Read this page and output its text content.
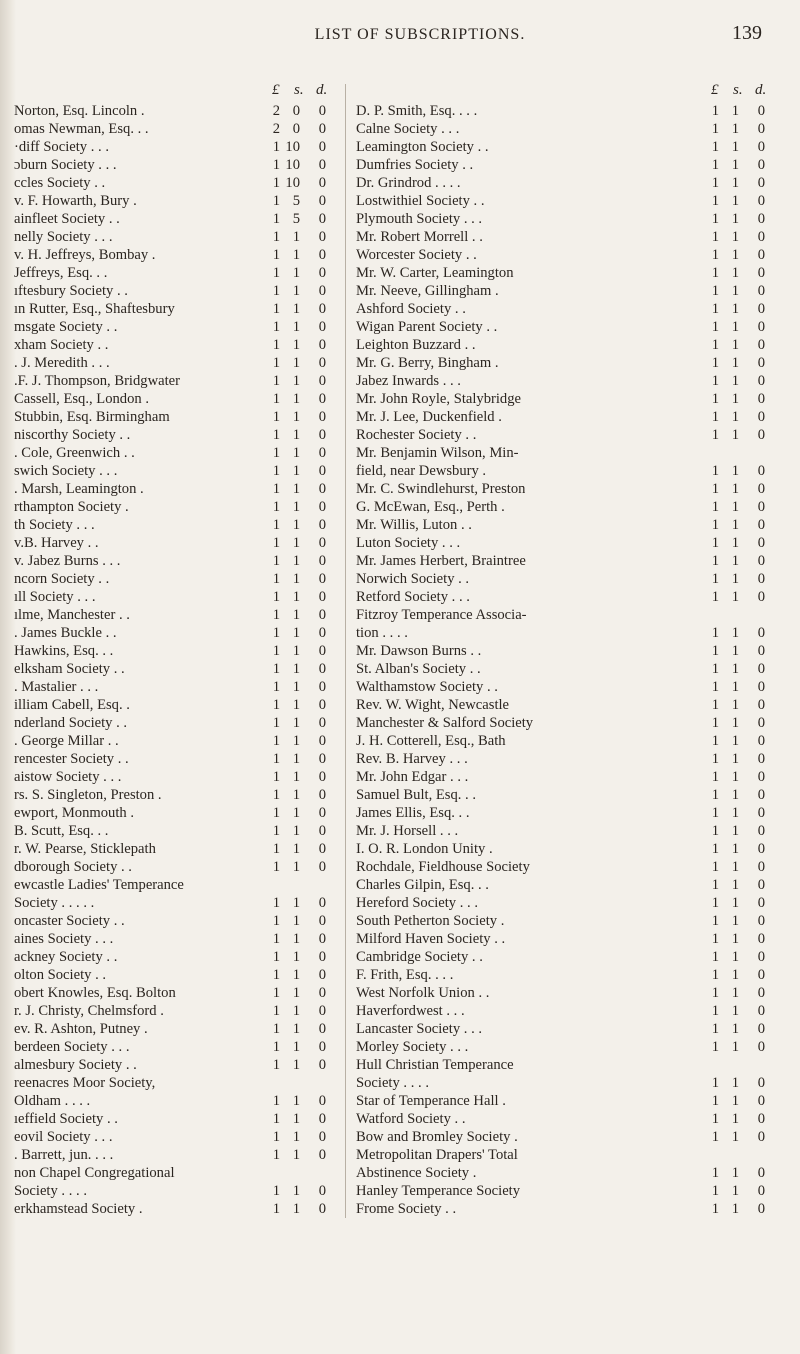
LIST OF SUBSCRIPTIONS.	139
£ s. d.
Norton, Esq. Lincoln .	2 0	0
omas Newman, Esq. . .	2 0	0
·diff Society . . .	1 10	0
ɔburn Society . . .	1 10	0
ccles Society . .	1 10	0
v. F. Howarth, Bury .	1 5	0
ainfleet Society . .	1 5	0
nelly Society . . .	1 1	0
v. H. Jeffreys, Bombay .	1 1	0
Jeffreys, Esq. . .	1 1	0
ıftesbury Society . .	1 1	0
ın Rutter, Esq., Shaftesbury	1 1	0
msgate Society . .	1 1	0
xham Society . .	1 1	0
. J. Meredith . . .	1 1	0
.F. J. Thompson, Bridgwater	1 1	0
Cassell, Esq., London .	1 1	0
Stubbin, Esq. Birmingham	1 1	0
niscorthy Society . .	1 1	0
. Cole, Greenwich . .	1 1	0
swich Society . . .	1 1	0
. Marsh, Leamington .	1 1	0
rthampton Society .	1 1	0
th Society . . .	1 1	0
v.B. Harvey . .	1 1	0
v. Jabez Burns . . .	1 1	0
ncorn Society . .	1 1	0
ıll Society . . .	1 1	0
ılme, Manchester . .	1 1	0
. James Buckle . .	1 1	0
Hawkins, Esq. . .	1 1	0
elksham Society . .	1 1	0
. Mastalier . . .	1 1	0
illiam Cabell, Esq. .	1 1	0
nderland Society . .	1 1	0
. George Millar . .	1 1	0
rencester Society . .	1 1	0
aistow Society . . .	1 1	0
rs. S. Singleton, Preston .	1 1	0
ewport, Monmouth .	1 1	0
B. Scutt, Esq. . .	1 1	0
r. W. Pearse, Sticklepath	1 1	0
dborough Society . .	1 1	0
ewcastle Ladies' Temperance
Society . . . . .	1 1	0
oncaster Society . .	1 1	0
aines Society . . .	1 1	0
ackney Society . .	1 1	0
olton Society . .	1 1	0
obert Knowles, Esq. Bolton	1 1	0
r. J. Christy, Chelmsford .	1 1	0
ev. R. Ashton, Putney .	1 1	0
berdeen Society . . .	1 1	0
almesbury Society . .	1 1	0
reenacres Moor Society,
Oldham . . . .	1 1	0
ıeffield Society . .	1 1	0
eovil Society . . .	1 1	0
. Barrett, jun. . . .	1 1	0
non Chapel Congregational
Society . . . .	1 1	0
erkhamstead Society .	1 1	0
£ s. d.
D. P. Smith, Esq. . . .	1 1	0
Calne Society . . .	1 1	0
Leamington Society . .	1 1	0
Dumfries Society . .	1 1	0
Dr. Grindrod . . . .	1 1	0
Lostwithiel Society . .	1 1	0
Plymouth Society . . .	1 1	0
Mr. Robert Morrell . .	1 1	0
Worcester Society . .	1 1	0
Mr. W. Carter, Leamington	1 1	0
Mr. Neeve, Gillingham .	1 1	0
Ashford Society . .	1 1	0
Wigan Parent Society . .	1 1	0
Leighton Buzzard . .	1 1	0
Mr. G. Berry, Bingham .	1 1	0
Jabez Inwards . . .	1 1	0
Mr. John Royle, Stalybridge	1 1	0
Mr. J. Lee, Duckenfield .	1 1	0
Rochester Society . .	1 1	0
Mr. Benjamin Wilson, Min-
field, near Dewsbury .	1 1	0
Mr. C. Swindlehurst, Preston	1 1	0
G. McEwan, Esq., Perth .	1 1	0
Mr. Willis, Luton . .	1 1	0
Luton Society . . .	1 1	0
Mr. James Herbert, Braintree	1 1	0
Norwich Society . .	1 1	0
Retford Society . . .	1 1	0
Fitzroy Temperance Associa-
tion . . . .	1 1	0
Mr. Dawson Burns . .	1 1	0
St. Alban's Society . .	1 1	0
Walthamstow Society . .	1 1	0
Rev. W. Wight, Newcastle	1 1	0
Manchester & Salford Society	1 1	0
J. H. Cotterell, Esq., Bath	1 1	0
Rev. B. Harvey . . .	1 1	0
Mr. John Edgar . . .	1 1	0
Samuel Bult, Esq. . .	1 1	0
James Ellis, Esq. . .	1 1	0
Mr. J. Horsell . . .	1 1	0
I. O. R. London Unity .	1 1	0
Rochdale, Fieldhouse Society	1 1	0
Charles Gilpin, Esq. . .	1 1	0
Hereford Society . . .	1 1	0
South Petherton Society .	1 1	0
Milford Haven Society . .	1 1	0
Cambridge Society . .	1 1	0
F. Frith, Esq. . . .	1 1	0
West Norfolk Union . .	1 1	0
Haverfordwest . . .	1 1	0
Lancaster Society . . .	1 1	0
Morley Society . . .	1 1	0
Hull Christian Temperance
Society . . . .	1 1	0
Star of Temperance Hall .	1 1	0
Watford Society . .	1 1	0
Bow and Bromley Society .	1 1	0
Metropolitan Drapers' Total
Abstinence Society .	1 1	0
Hanley Temperance Society	1 1	0
Frome Society . .	1 1	0
